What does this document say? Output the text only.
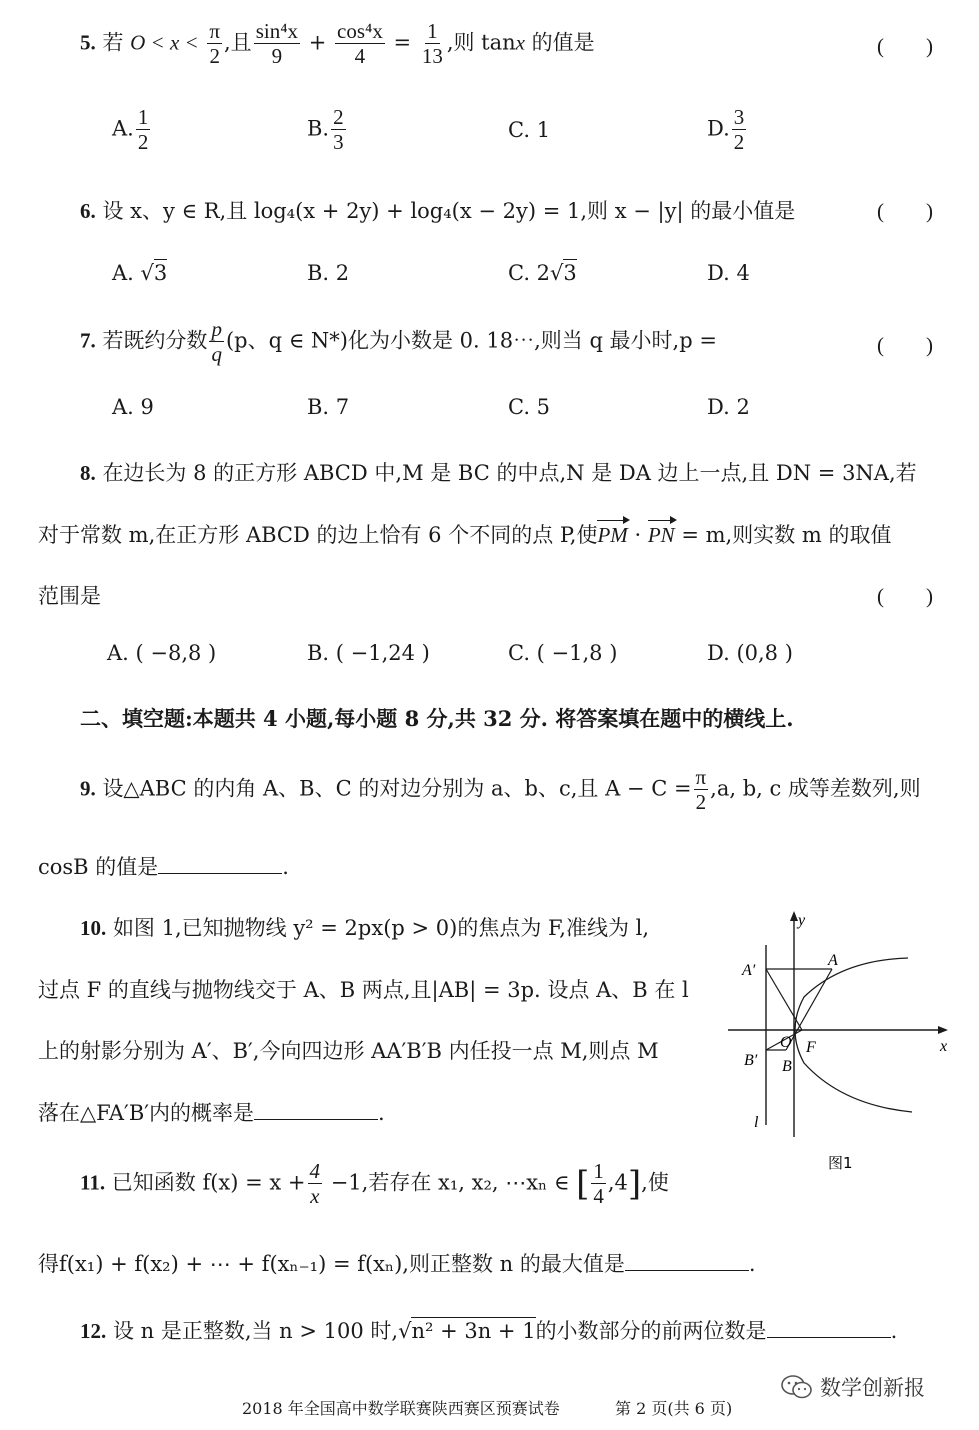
5. 若 $O < x < \frac{\pi}{2}$ ,且 $\frac{\text{sin⁴x}}{9} + \frac{\text{cos⁴x}}{4} = \frac{1}{13}$ ,则 tanx 的值是	(　　)
A. $\frac{1}{2}$	B. $\frac{2}{3}$	C. 1	D. $\frac{3}{2}$
6. 设 x、y ∈ R,且 log₄(x + 2y) + log₄(x − 2y) = 1,则 x − |y| 的最小值是	(　　)
A. √3	B. 2	C. 2√3	D. 4
7. 若既约分数 $\frac{p}{q} (p$、q ∈ N*)化为小数是 0. 18⋯,则当 q 最小时,p =	(　　)
A. 9	B. 7	C. 5	D. 2
8. 在边长为 8 的正方形 ABCD 中,M 是 BC 的中点,N 是 DA 边上一点,且 DN = 3NA,若
对于常数 m,在正方形 ABCD 的边上恰有 6 个不同的点 P,使PM · PN = m,则实数 m 的取值
范围是	(　　)
A. ( −8,8 )	B. ( −1,24 )	C. ( −1,8 )	D. (0,8 )
二、填空题:本题共 4 小题,每小题 8 分,共 32 分. 将答案填在题中的横线上.
9. 设△ABC 的内角 A、B、C 的对边分别为 a、b、c,且 $A - C = \frac{\pi}{2} ,a$, b, c 成等差数列,则
cosB 的值是	.
10. 如图 1,已知抛物线 y² = 2px(p > 0)的焦点为 F,准线为 l,
过点 F 的直线与抛物线交于 A、B 两点,且|AB| = 3p. 设点 A、B 在 l
上的射影分别为 A′、B′,今向四边形 AA′B′B 内任投一点 M,则点 M
落在△FA′B′内的概率是	.
y
x
A
A′
B
B′
O F
l
图1
11. 已知函数 $f(x) = x + \frac{4}{x} -1$,若存在 x₁, x₂, ⋯xₙ ∈ [ $\frac{1}{4} ,4$],使
得f(x₁) + f(x₂) + ⋯ + f(xₙ₋₁) = f(xₙ),则正整数 n 的最大值是	.
12. 设 n 是正整数,当 n > 100 时,√n² + 3n + 1的小数部分的前两位数是	.
2018 年全国高中数学联赛陕西赛区预赛试卷	第 2 页(共 6 页)
数学创新报
